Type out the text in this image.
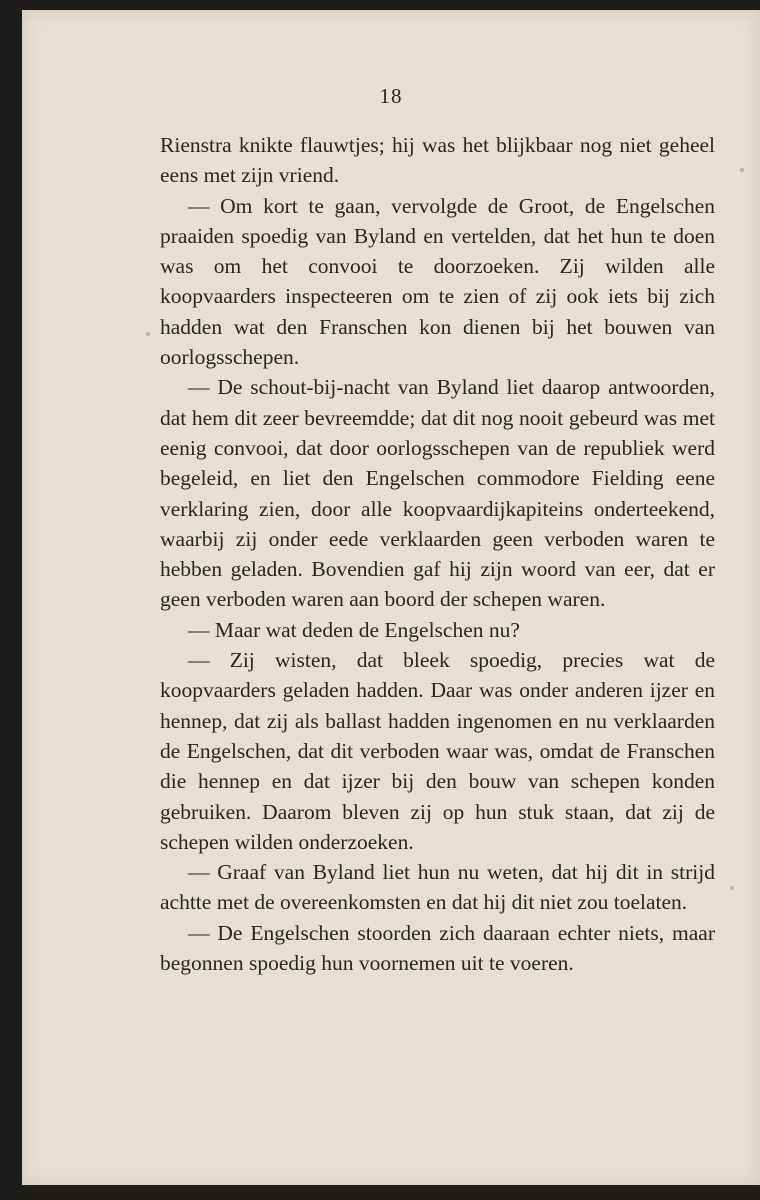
18

Rienstra knikte flauwtjes; hij was het blijkbaar nog niet geheel eens met zijn vriend.

— Om kort te gaan, vervolgde de Groot, de Engelschen praaiden spoedig van Byland en vertelden, dat het hun te doen was om het convooi te doorzoeken. Zij wilden alle koopvaarders inspecteeren om te zien of zij ook iets bij zich hadden wat den Franschen kon dienen bij het bouwen van oorlogsschepen.

— De schout-bij-nacht van Byland liet daarop antwoorden, dat hem dit zeer bevreemdde; dat dit nog nooit gebeurd was met eenig convooi, dat door oorlogsschepen van de republiek werd begeleid, en liet den Engelschen commodore Fielding eene verklaring zien, door alle koopvaardijkapiteins onderteekend, waarbij zij onder eede verklaarden geen verboden waren te hebben geladen. Bovendien gaf hij zijn woord van eer, dat er geen verboden waren aan boord der schepen waren.

— Maar wat deden de Engelschen nu?

— Zij wisten, dat bleek spoedig, precies wat de koopvaarders geladen hadden. Daar was onder anderen ijzer en hennep, dat zij als ballast hadden ingenomen en nu verklaarden de Engelschen, dat dit verboden waar was, omdat de Franschen die hennep en dat ijzer bij den bouw van schepen konden gebruiken. Daarom bleven zij op hun stuk staan, dat zij de schepen wilden onderzoeken.

— Graaf van Byland liet hun nu weten, dat hij dit in strijd achtte met de overeenkomsten en dat hij dit niet zou toelaten.

— De Engelschen stoorden zich daaraan echter niets, maar begonnen spoedig hun voornemen uit te voeren.
